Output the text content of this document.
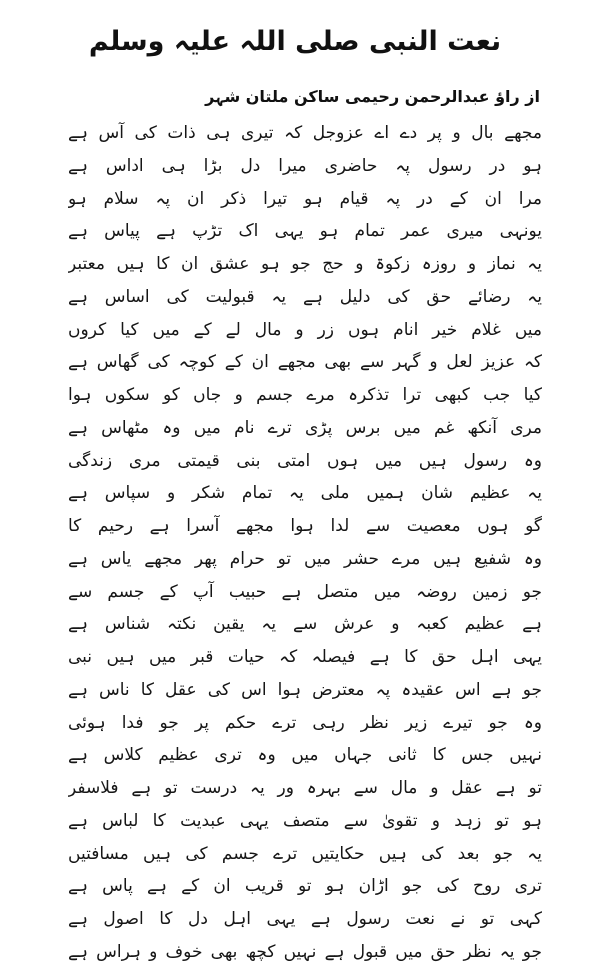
نعت النبی صلی اللہ علیہ وسلم
از راؤ عبدالرحمن رحیمی ساکن ملتان شہر
مجھے بال و پر دے اے عزوجل کہ تیری ہی ذات کی آس ہے
ہو در رسول پہ حاضری میرا دل بڑا ہی اداس ہے
مرا ان کے در پہ قیام ہو تیرا ذکر ان پہ سلام ہو
یونہی میری عمر تمام ہو یہی اک تڑپ ہے پیاس ہے
یہ نماز و روزہ زکوۃ و حج جو ہو عشق ان کا ہیں معتبر
یہ رضائے حق کی دلیل ہے یہ قبولیت کی اساس ہے
میں غلام خیر انام ہوں زر و مال لے کے میں کیا کروں
کہ عزیز لعل و گہر سے بھی مجھے ان کے کوچہ کی گھاس ہے
کیا جب کبھی ترا تذکرہ مرے جسم و جاں کو سکوں ہوا
مری آنکھ غم میں برس پڑی ترے نام میں وہ مٹھاس ہے
وہ رسول ہیں میں ہوں امتی بنی قیمتی مری زندگی
یہ عظیم شان ہمیں ملی یہ تمام شکر و سپاس ہے
گو ہوں معصیت سے لدا ہوا مجھے آسرا ہے رحیم کا
وہ شفیع ہیں مرے حشر میں تو حرام پھر مجھے یاس ہے
جو زمین روضہ میں متصل ہے حبیب آپ کے جسم سے
ہے عظیم کعبہ و عرش سے یہ یقین نکتہ شناس ہے
یہی اہل حق کا ہے فیصلہ کہ حیات قبر میں ہیں نبی
جو ہے اس عقیدہ پہ معترض ہوا اس کی عقل کا ناس ہے
وہ جو تیرے زیر نظر رہی ترے حکم پر جو فدا ہوئی
نہیں جس کا ثانی جہاں میں وہ تری عظیم کلاس ہے
تو ہے عقل و مال سے بہرہ ور یہ درست تو ہے فلاسفر
ہو تو زہد و تقویٰ سے متصف یہی عبدیت کا لباس ہے
یہ جو بعد کی ہیں حکایتیں ترے جسم کی ہیں مسافتیں
تری روح کی جو اڑان ہو تو قریب ان کے ہے پاس ہے
کہی تو نے نعت رسول ہے یہی اہل دل کا اصول ہے
جو یہ نظر حق میں قبول ہے نہیں کچھ بھی خوف و ہراس ہے
